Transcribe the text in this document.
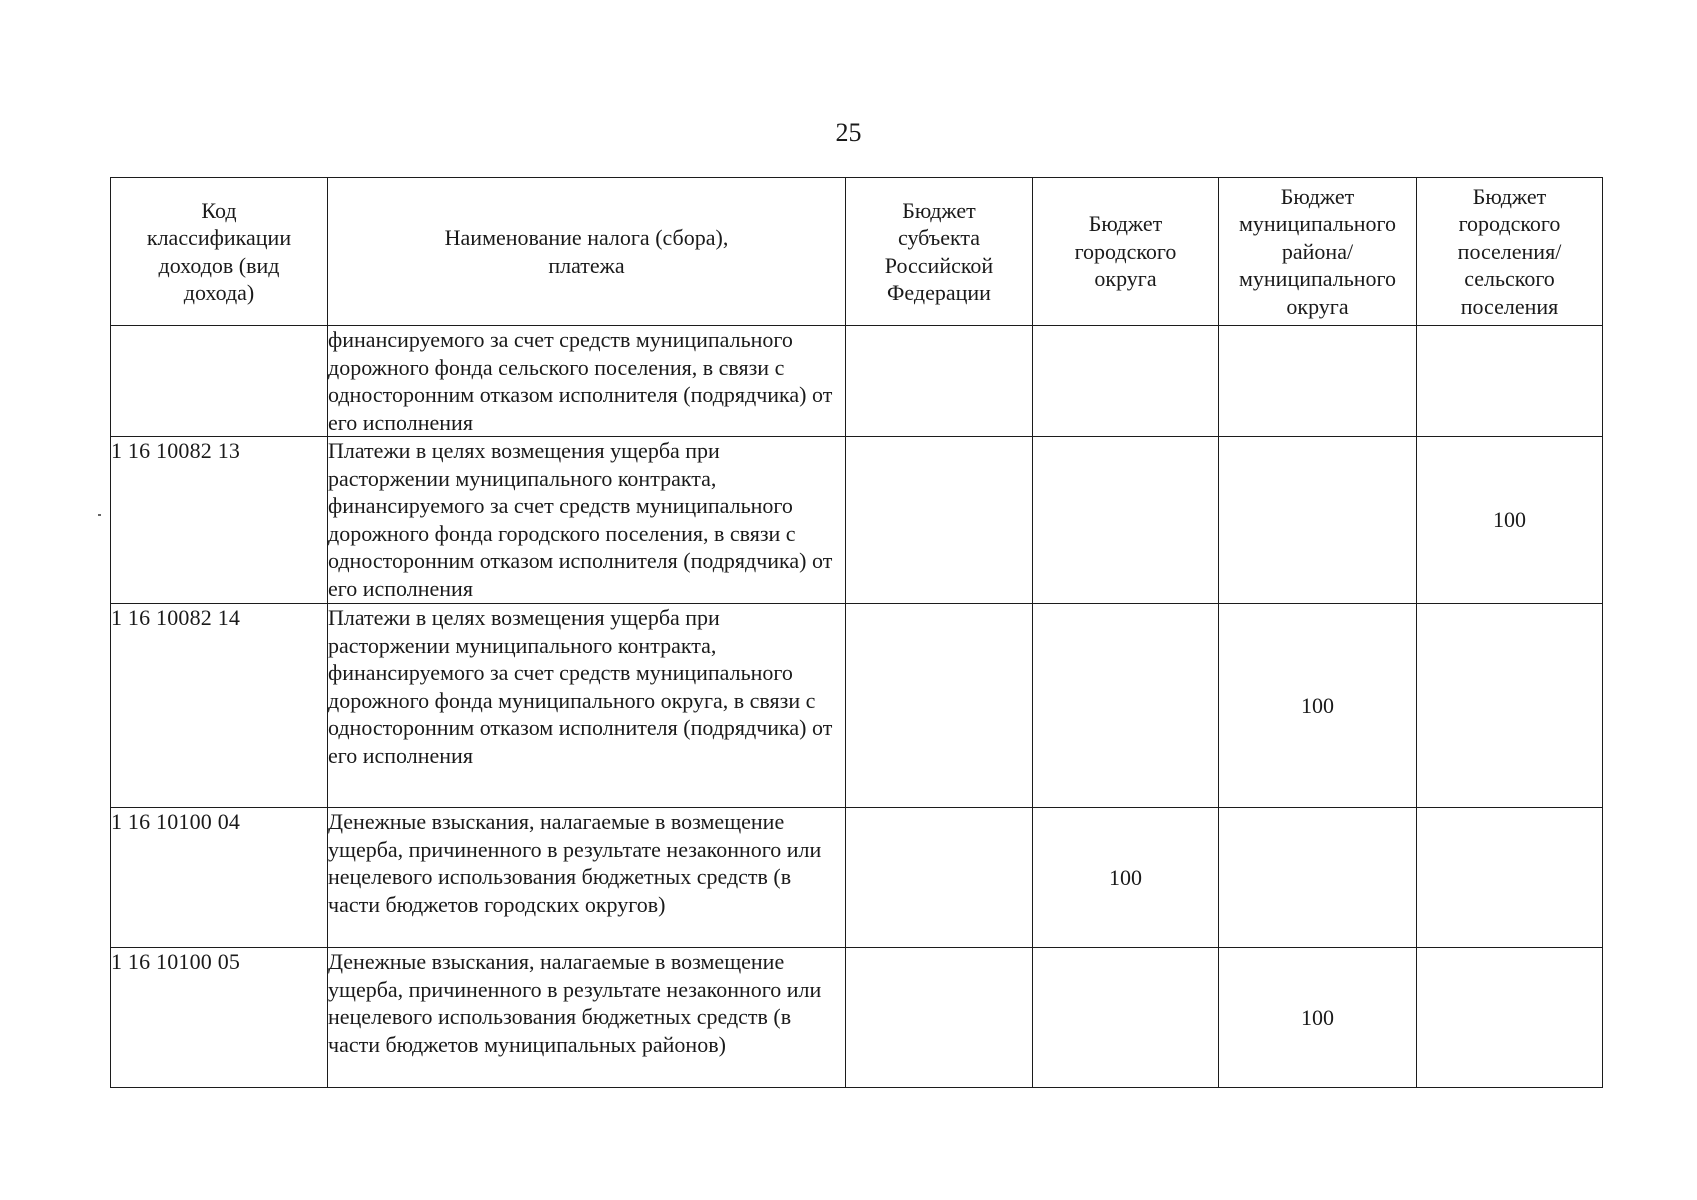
25
Код классификации доходов (вид дохода)	Наименование налога (сбора), платежа	Бюджет субъекта Российской Федерации	Бюджет городского округа	Бюджет муниципального района/ муниципального округа	Бюджет городского поселения/ сельского поселения
	финансируемого за счет средств муниципального дорожного фонда сельского поселения, в связи с односторонним отказом исполнителя (подрядчика) от его исполнения				
1 16 10082 13	Платежи в целях возмещения ущерба при расторжении муниципального контракта, финансируемого за счет средств муниципального дорожного фонда городского поселения, в связи с односторонним отказом исполнителя (подрядчика) от его исполнения				100
1 16 10082 14	Платежи в целях возмещения ущерба при расторжении муниципального контракта, финансируемого за счет средств муниципального дорожного фонда муниципального округа, в связи с односторонним отказом исполнителя (подрядчика) от его исполнения			100	
1 16 10100 04	Денежные взыскания, налагаемые в возмещение ущерба, причиненного в результате незаконного или нецелевого использования бюджетных средств (в части бюджетов городских округов)		100		
1 16 10100 05	Денежные взыскания, налагаемые в возмещение ущерба, причиненного в результате незаконного или нецелевого использования бюджетных средств (в части бюджетов муниципальных районов)			100	
